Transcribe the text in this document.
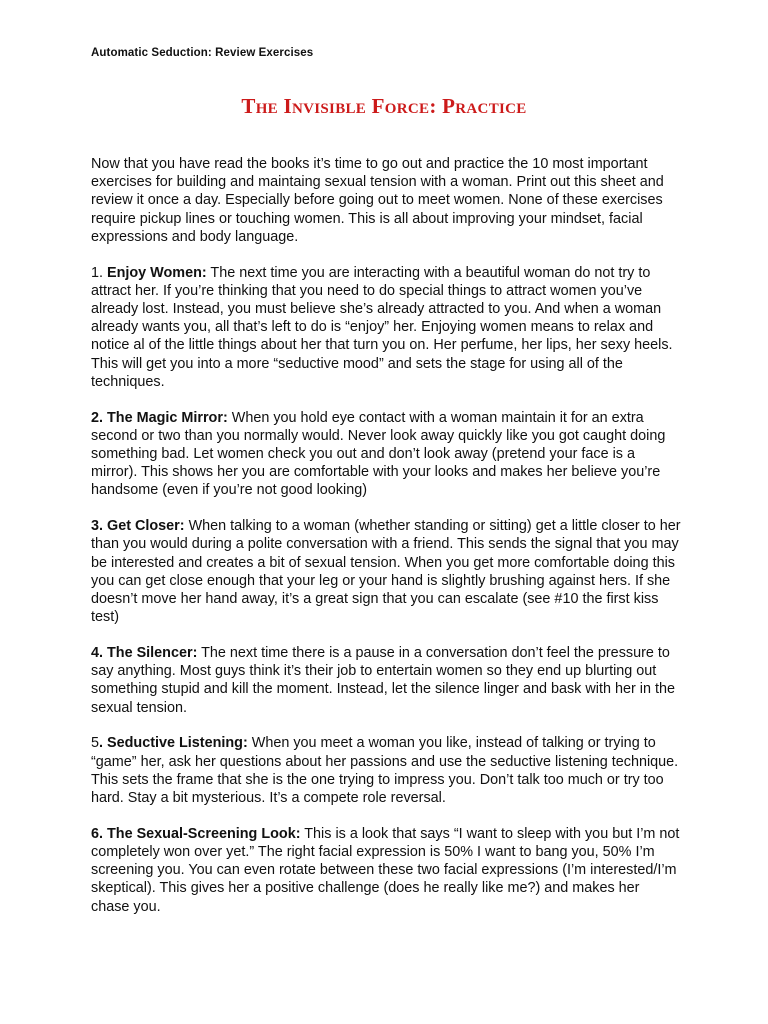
Automatic Seduction: Review Exercises
The Invisible Force: Practice

Now that you have read the books it’s time to go out and practice the 10 most important exercises for building and maintaing sexual tension with a woman. Print out this sheet and review it once a day. Especially before going out to meet women. None of these exercises require pickup lines or touching women. This is all about improving your mindset, facial expressions and body language.

1. Enjoy Women: The next time you are interacting with a beautiful woman do not try to attract her. If you’re thinking that you need to do special things to attract women you’ve already lost. Instead, you must believe she’s already attracted to you. And when a woman already wants you, all that’s left to do is “enjoy” her. Enjoying women means to relax and notice al of the little things about her that turn you on. Her perfume, her lips, her sexy heels. This will get you into a more “seductive mood” and sets the stage for using all of the techniques.

2. The Magic Mirror: When you hold eye contact with a woman maintain it for an extra second or two than you normally would. Never look away quickly like you got caught doing something bad. Let women check you out and don’t look away (pretend your face is a mirror). This shows her you are comfortable with your looks and makes her believe you’re handsome (even if you’re not good looking)

3. Get Closer: When talking to a woman (whether standing or sitting) get a little closer to her than you would during a polite conversation with a friend. This sends the signal that you may be interested and creates a bit of sexual tension. When you get more comfortable doing this you can get close enough that your leg or your hand is slightly brushing against hers. If she doesn’t move her hand away, it’s a great sign that you can escalate (see #10 the first kiss test)

4. The Silencer: The next time there is a pause in a conversation don’t feel the pressure to say anything. Most guys think it’s their job to entertain women so they end up blurting out something stupid and kill the moment. Instead, let the silence linger and bask with her in the sexual tension.

5. Seductive Listening: When you meet a woman you like, instead of talking or trying to “game” her, ask her questions about her passions and use the seductive listening technique. This sets the frame that she is the one trying to impress you. Don’t talk too much or try too hard. Stay a bit mysterious. It’s a compete role reversal.

6. The Sexual-Screening Look: This is a look that says “I want to sleep with you but I’m not completely won over yet.” The right facial expression is 50% I want to bang you, 50% I’m screening you. You can even rotate between these two facial expressions (I’m interested/I’m skeptical). This gives her a positive challenge (does he really like me?) and makes her chase you.
